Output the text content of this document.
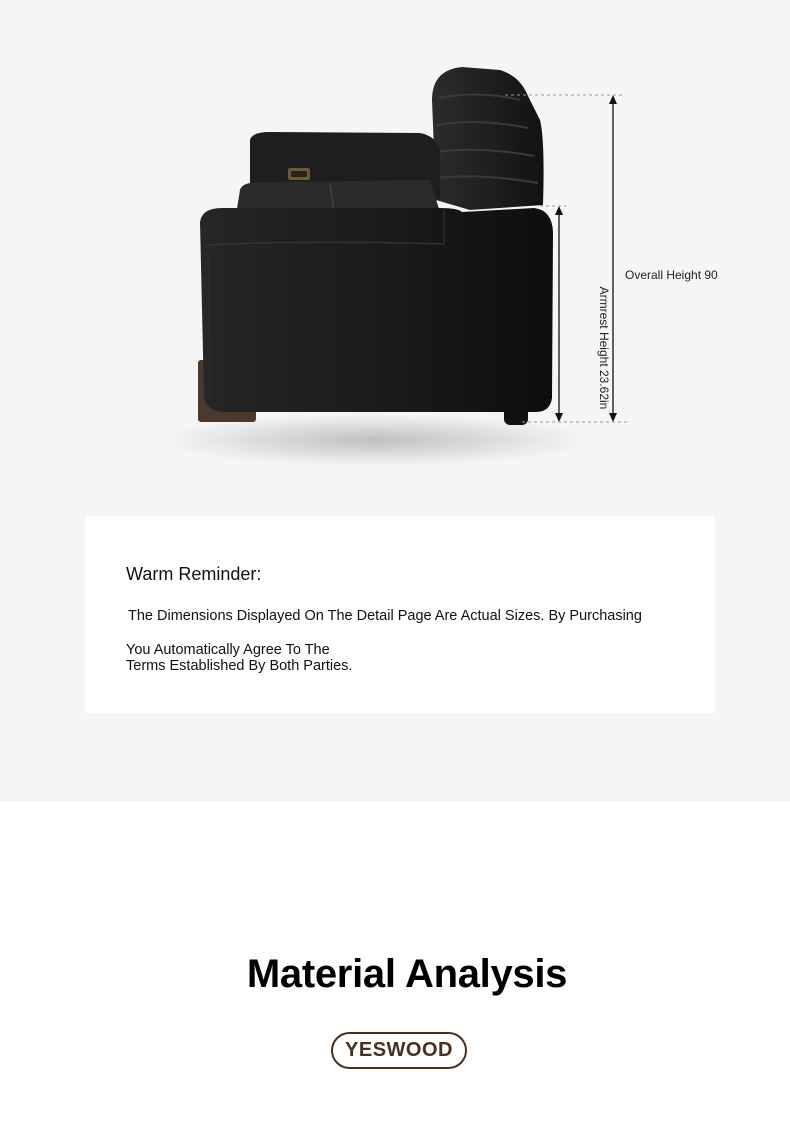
Overall Height 90
Armrest Height 23.62in
Warm Reminder:
The Dimensions Displayed On The Detail Page Are Actual Sizes. By Purchasing
You Automatically Agree To The
Terms Established By Both Parties.
Material Analysis
YESWOOD
